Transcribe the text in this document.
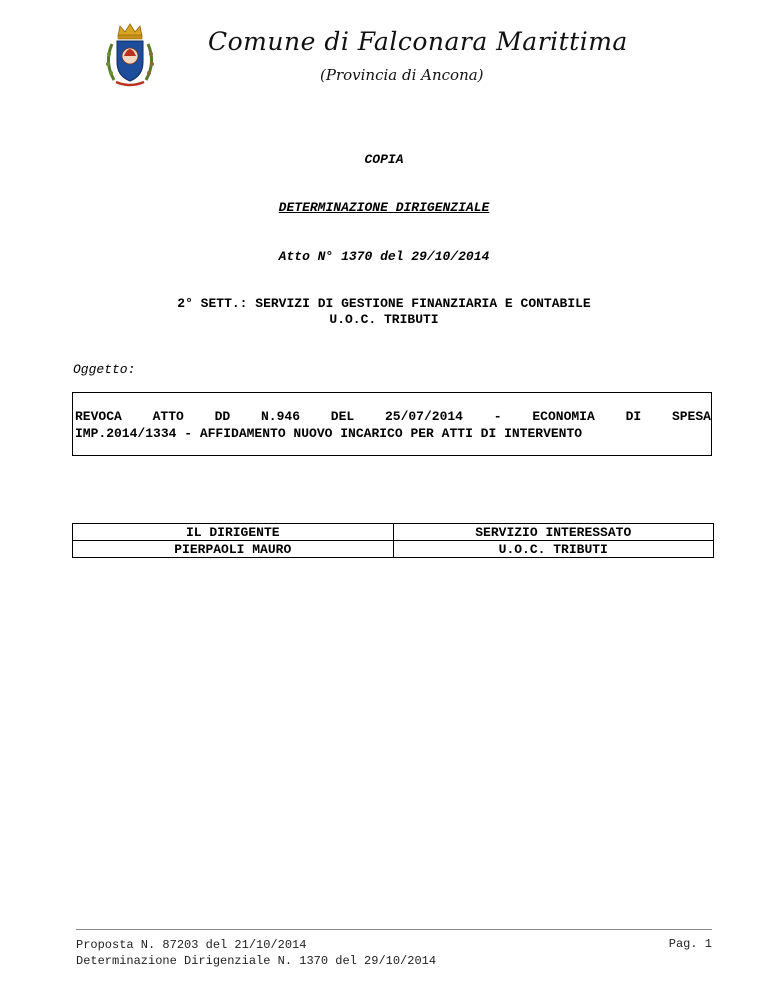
Comune di Falconara Marittima
(Provincia di Ancona)
COPIA
DETERMINAZIONE DIRIGENZIALE
Atto N° 1370 del 29/10/2014
2° SETT.: SERVIZI DI GESTIONE FINANZIARIA E CONTABILE
U.O.C. TRIBUTI
Oggetto:
REVOCA ATTO DD N.946 DEL 25/07/2014 - ECONOMIA DI SPESA
IMP.2014/1334 - AFFIDAMENTO NUOVO INCARICO PER ATTI DI INTERVENTO
IL DIRIGENTE	SERVIZIO INTERESSATO
PIERPAOLI MAURO	U.O.C. TRIBUTI
Proposta N. 87203 del 21/10/2014
Determinazione Dirigenziale N. 1370 del 29/10/2014
Pag. 1
